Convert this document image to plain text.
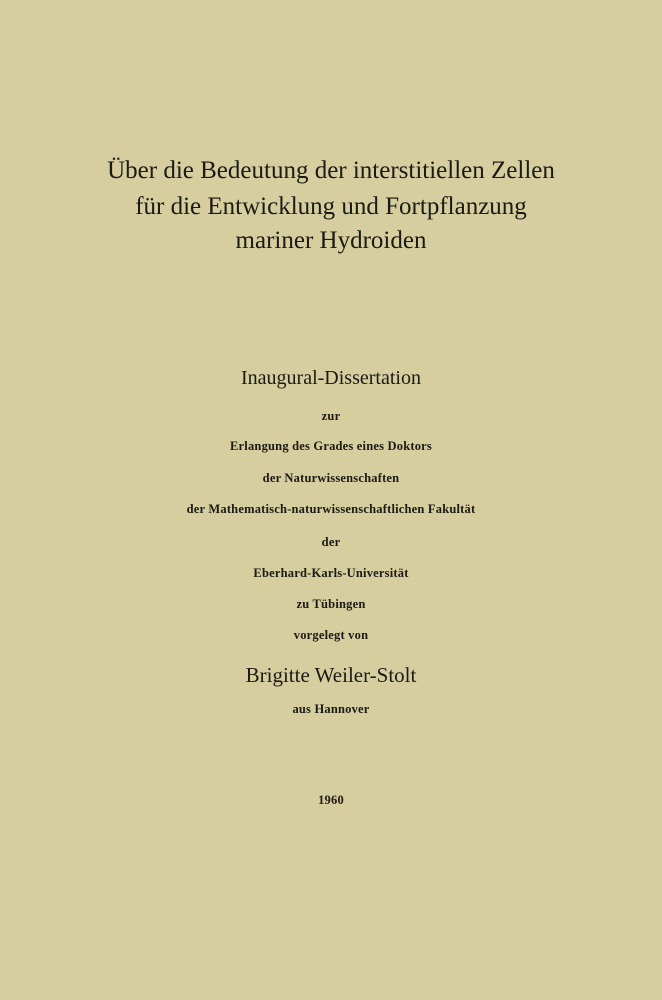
Über die Bedeutung der interstitiellen Zellen
für die Entwicklung und Fortpflanzung
mariner Hydroiden
Inaugural-Dissertation
zur
Erlangung des Grades eines Doktors
der Naturwissenschaften
der Mathematisch-naturwissenschaftlichen Fakultät
der
Eberhard-Karls-Universität
zu Tübingen
vorgelegt von
Brigitte Weiler-Stolt
aus Hannover
1960
